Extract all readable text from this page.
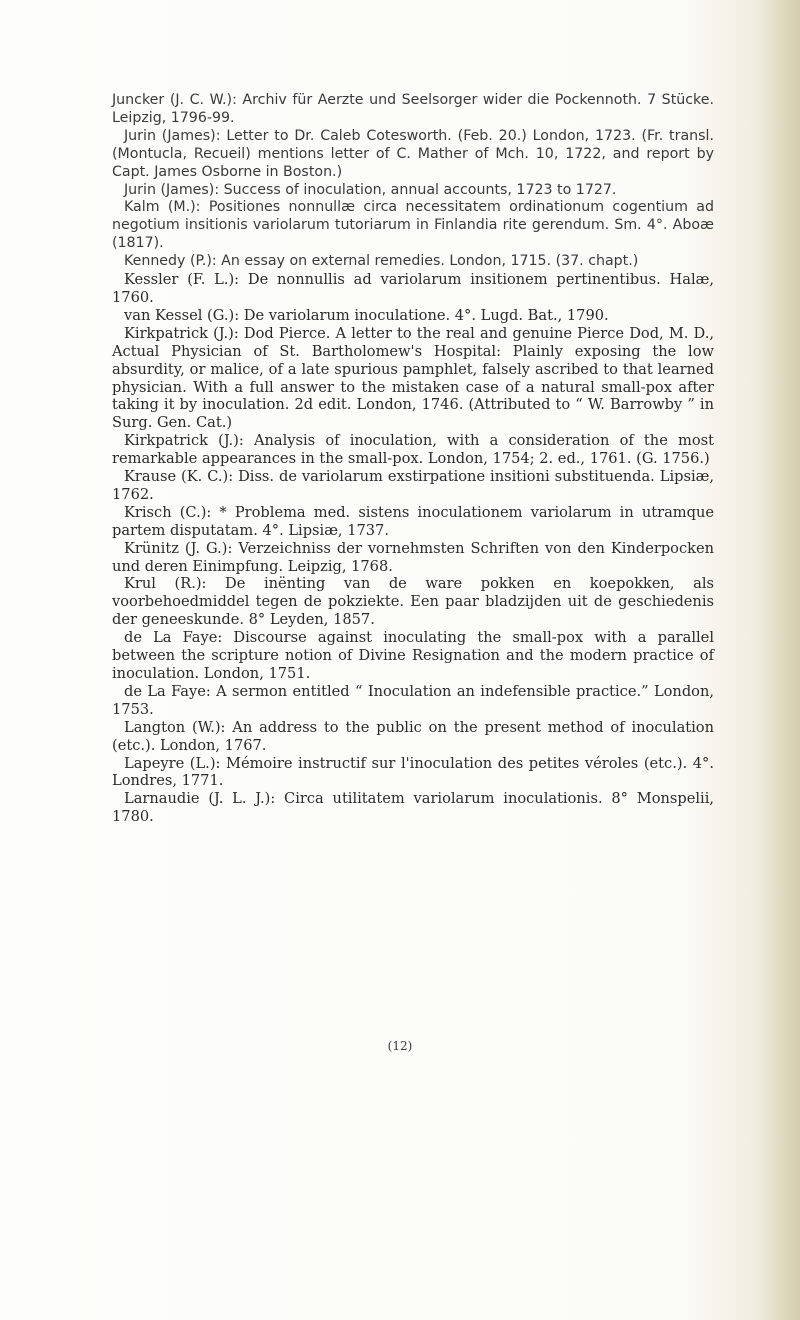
Juncker (J. C. W.): Archiv für Aerzte und Seelsorger wider die Pockennoth. 7 Stücke. Leipzig, 1796-99.

Jurin (James): Letter to Dr. Caleb Cotesworth. (Feb. 20.) London, 1723. (Fr. transl. (Montucla, Recueil) mentions letter of C. Mather of Mch. 10, 1722, and report by Capt. James Osborne in Boston.)

Jurin (James): Success of inoculation, annual accounts, 1723 to 1727.

Kalm (M.): Positiones nonnullæ circa necessitatem ordinationum cogentium ad negotium insitionis variolarum tutoriarum in Finlandia rite gerendum. Sm. 4°. Aboæ (1817).

Kennedy (P.): An essay on external remedies. London, 1715. (37. chapt.)

Kessler (F. L.): De nonnullis ad variolarum insitionem pertinentibus. Halæ, 1760.

van Kessel (G.): De variolarum inoculatione. 4°. Lugd. Bat., 1790.

Kirkpatrick (J.): Dod Pierce. A letter to the real and genuine Pierce Dod, M. D., Actual Physician of St. Bartholomew's Hospital: Plainly exposing the low absurdity, or malice, of a late spurious pamphlet, falsely ascribed to that learned physician. With a full answer to the mistaken case of a natural small-pox after taking it by inoculation. 2d edit. London, 1746. (Attributed to “ W. Barrowby ” in Surg. Gen. Cat.)

Kirkpatrick (J.): Analysis of inoculation, with a consideration of the most remarkable appearances in the small-pox. London, 1754; 2. ed., 1761. (G. 1756.)

Krause (K. C.): Diss. de variolarum exstirpatione insitioni substituenda. Lipsiæ, 1762.

Krisch (C.): * Problema med. sistens inoculationem variolarum in utramque partem disputatam. 4°. Lipsiæ, 1737.

Krünitz (J. G.): Verzeichniss der vornehmsten Schriften von den Kinderpocken und deren Einimpfung. Leipzig, 1768.

Krul (R.): De inënting van de ware pokken en koepokken, als voorbehoedmiddel tegen de pokziekte. Een paar bladzijden uit de geschiedenis der geneeskunde. 8° Leyden, 1857.

de La Faye: Discourse against inoculating the small-pox with a parallel between the scripture notion of Divine Resignation and the modern practice of inoculation. London, 1751.

de La Faye: A sermon entitled “ Inoculation an indefensible practice.” London, 1753.

Langton (W.): An address to the public on the present method of inoculation (etc.). London, 1767.

Lapeyre (L.): Mémoire instructif sur l'inoculation des petites véroles (etc.). 4°. Londres, 1771.

Larnaudie (J. L. J.): Circa utilitatem variolarum inoculationis. 8° Monspelii, 1780.

(12)
